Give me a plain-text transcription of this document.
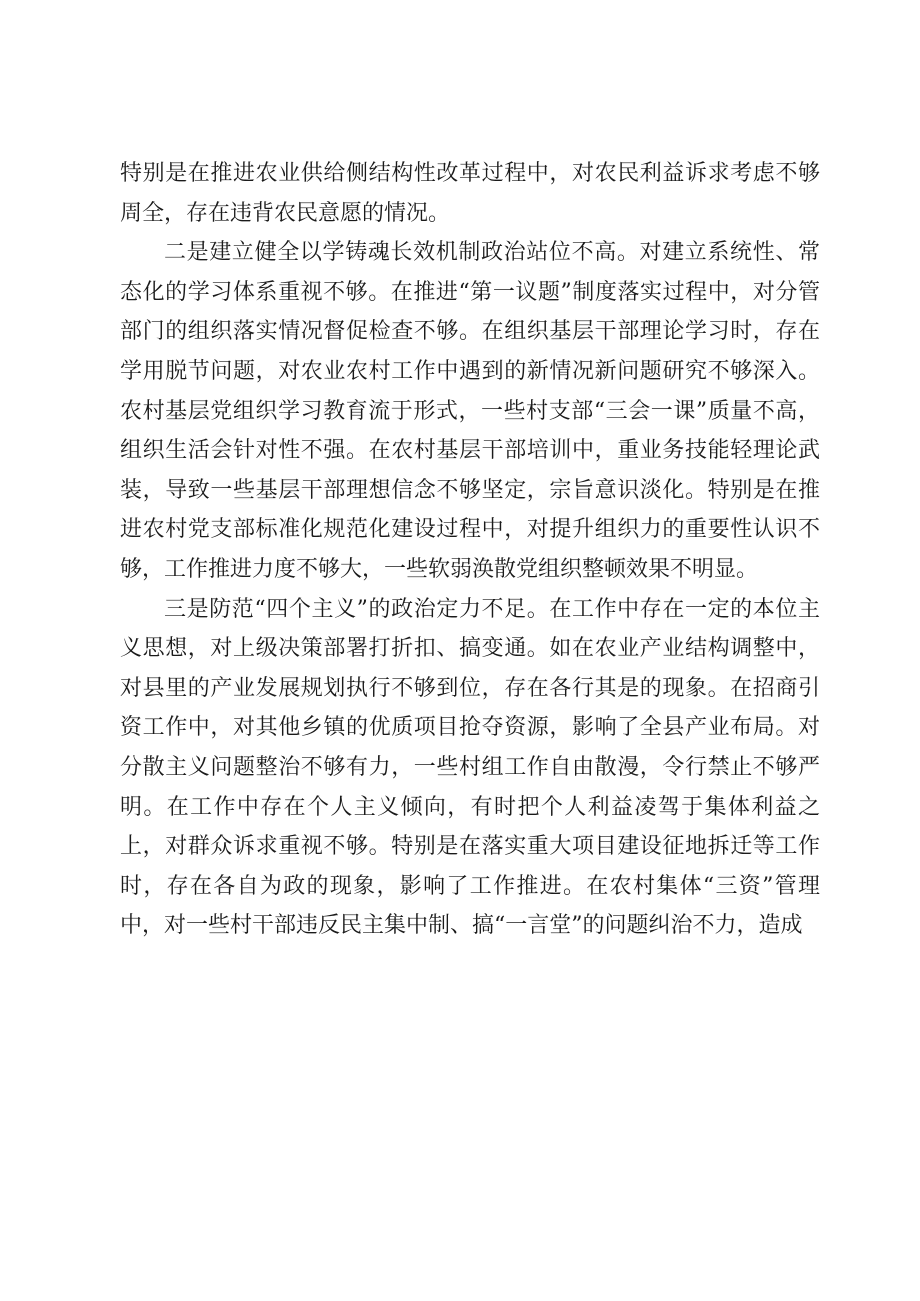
特别是在推进农业供给侧结构性改革过程中，对农民利益诉求考虑不够周全，存在违背农民意愿的情况。

二是建立健全以学铸魂长效机制政治站位不高。对建立系统性、常态化的学习体系重视不够。在推进“第一议题”制度落实过程中，对分管部门的组织落实情况督促检查不够。在组织基层干部理论学习时，存在学用脱节问题，对农业农村工作中遇到的新情况新问题研究不够深入。农村基层党组织学习教育流于形式，一些村支部“三会一课”质量不高，组织生活会针对性不强。在农村基层干部培训中，重业务技能轻理论武装，导致一些基层干部理想信念不够坚定，宗旨意识淡化。特别是在推进农村党支部标准化规范化建设过程中，对提升组织力的重要性认识不够，工作推进力度不够大，一些软弱涣散党组织整顿效果不明显。

三是防范“四个主义”的政治定力不足。在工作中存在一定的本位主义思想，对上级决策部署打折扣、搞变通。如在农业产业结构调整中，对县里的产业发展规划执行不够到位，存在各行其是的现象。在招商引资工作中，对其他乡镇的优质项目抢夺资源，影响了全县产业布局。对分散主义问题整治不够有力，一些村组工作自由散漫，令行禁止不够严明。在工作中存在个人主义倾向，有时把个人利益凌驾于集体利益之上，对群众诉求重视不够。特别是在落实重大项目建设征地拆迁等工作时，存在各自为政的现象，影响了工作推进。在农村集体“三资”管理中，对一些村干部违反民主集中制、搞“一言堂”的问题纠治不力，造成
